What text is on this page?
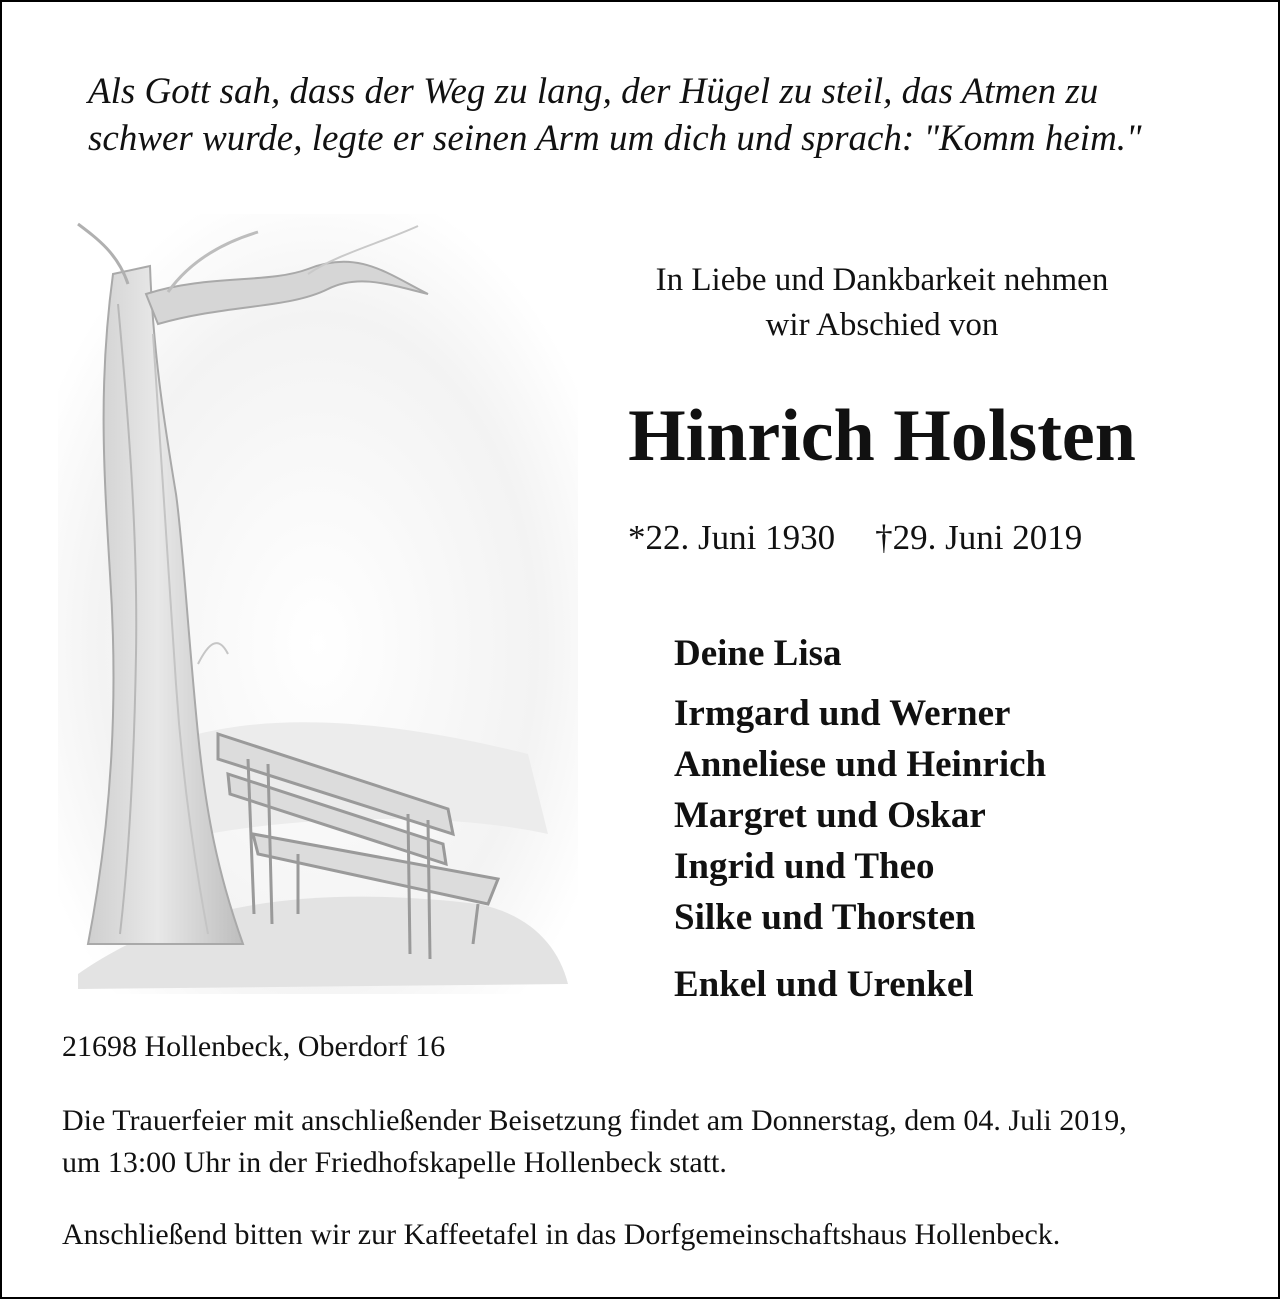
Als Gott sah, dass der Weg zu lang, der Hügel zu steil, das Atmen zu
schwer wurde, legte er seinen Arm um dich und sprach: "Komm heim."

In Liebe und Dankbarkeit nehmen
wir Abschied von
Hinrich Holsten
*22. Juni 1930 †29. Juni 2019
Deine Lisa
Irmgard und Werner
Anneliese und Heinrich
Margret und Oskar
Ingrid und Theo
Silke und Thorsten
Enkel und Urenkel
21698 Hollenbeck, Oberdorf 16
Die Trauerfeier mit anschließender Beisetzung findet am Donnerstag, dem 04. Juli 2019,
um 13:00 Uhr in der Friedhofskapelle Hollenbeck statt.
Anschließend bitten wir zur Kaffeetafel in das Dorfgemeinschaftshaus Hollenbeck.
